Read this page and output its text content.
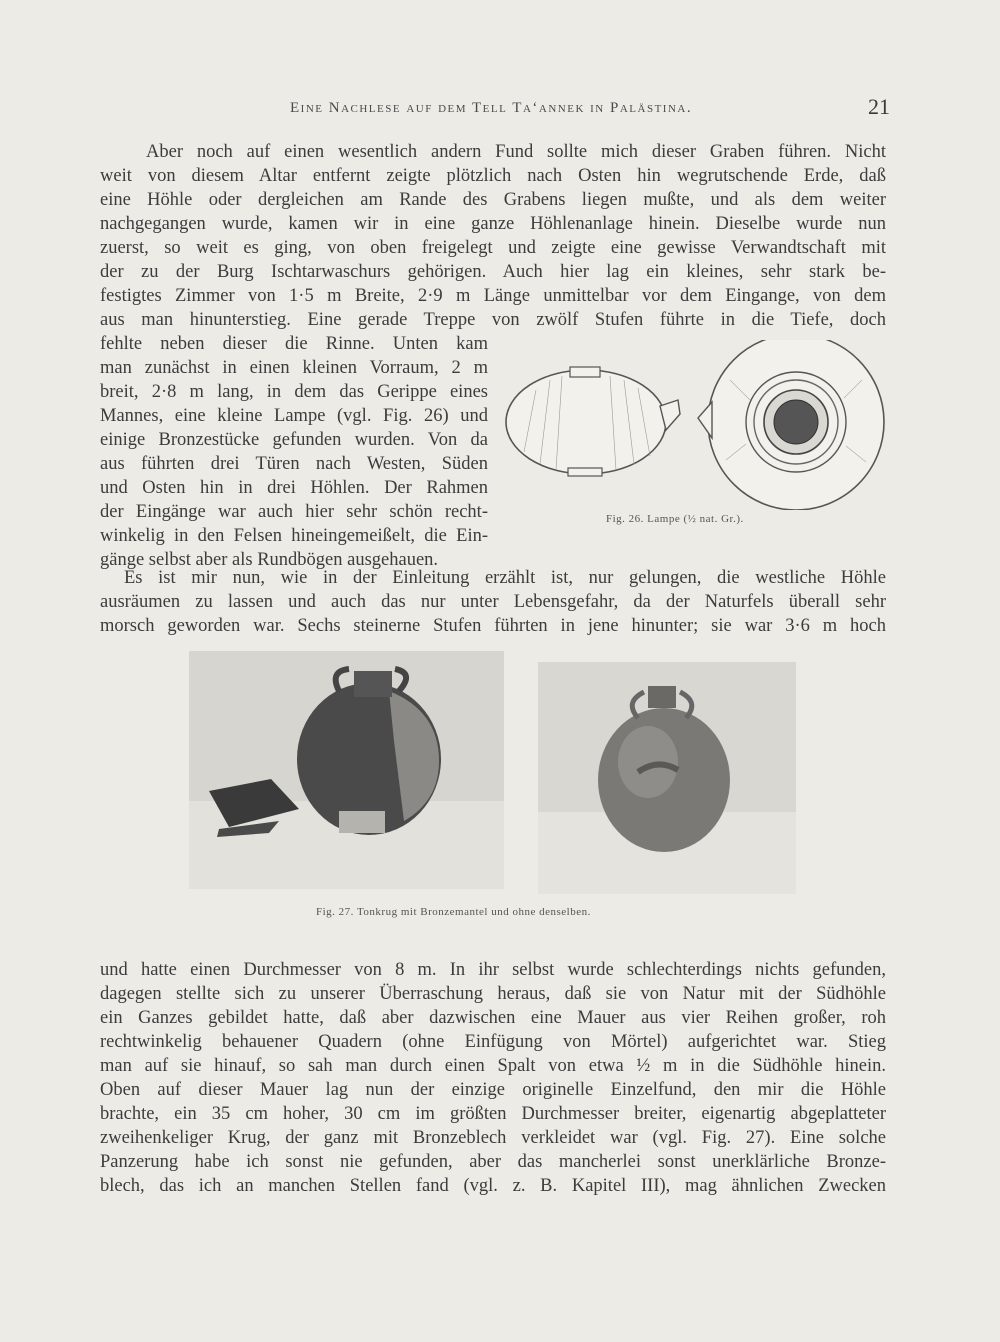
Eine Nachlese auf dem Tell Ta‘annek in Palästina.	21
Aber noch auf einen wesentlich andern Fund sollte mich dieser Graben führen. Nicht
weit von diesem Altar entfernt zeigte plötzlich nach Osten hin wegrutschende Erde, daß
eine Höhle oder dergleichen am Rande des Grabens liegen mußte, und als dem weiter
nachgegangen wurde, kamen wir in eine ganze Höhlenanlage hinein. Dieselbe wurde nun
zuerst, so weit es ging, von oben freigelegt und zeigte eine gewisse Verwandtschaft mit
der zu der Burg Ischtarwaschurs gehörigen. Auch hier lag ein kleines, sehr stark be-
festigtes Zimmer von 1·5 m Breite, 2·9 m Länge unmittelbar vor dem Eingange, von dem
aus man hinunterstieg. Eine gerade Treppe von zwölf Stufen führte in die Tiefe, doch
fehlte neben dieser die Rinne. Unten kam
man zunächst in einen kleinen Vorraum, 2 m
breit, 2·8 m lang, in dem das Gerippe eines
Mannes, eine kleine Lampe (vgl. Fig. 26) und
einige Bronzestücke gefunden wurden. Von da
aus führten drei Türen nach Westen, Süden
und Osten hin in drei Höhlen. Der Rahmen
der Eingänge war auch hier sehr schön recht-
winkelig in den Felsen hineingemeißelt, die Ein-
gänge selbst aber als Rundbögen ausgehauen.
Fig. 26. Lampe (½ nat. Gr.).
Es ist mir nun, wie in der Einleitung erzählt ist, nur gelungen, die westliche Höhle
ausräumen zu lassen und auch das nur unter Lebensgefahr, da der Naturfels überall sehr
morsch geworden war. Sechs steinerne Stufen führten in jene hinunter; sie war 3·6 m hoch
Fig. 27. Tonkrug mit Bronzemantel und ohne denselben.
und hatte einen Durchmesser von 8 m. In ihr selbst wurde schlechterdings nichts gefunden,
dagegen stellte sich zu unserer Überraschung heraus, daß sie von Natur mit der Südhöhle
ein Ganzes gebildet hatte, daß aber dazwischen eine Mauer aus vier Reihen großer, roh
rechtwinkelig behauener Quadern (ohne Einfügung von Mörtel) aufgerichtet war. Stieg
man auf sie hinauf, so sah man durch einen Spalt von etwa ½ m in die Südhöhle hinein.
Oben auf dieser Mauer lag nun der einzige originelle Einzelfund, den mir die Höhle
brachte, ein 35 cm hoher, 30 cm im größten Durchmesser breiter, eigenartig abgeplatteter
zweihenkeliger Krug, der ganz mit Bronzeblech verkleidet war (vgl. Fig. 27). Eine solche
Panzerung habe ich sonst nie gefunden, aber das mancherlei sonst unerklärliche Bronze-
blech, das ich an manchen Stellen fand (vgl. z. B. Kapitel III), mag ähnlichen Zwecken
